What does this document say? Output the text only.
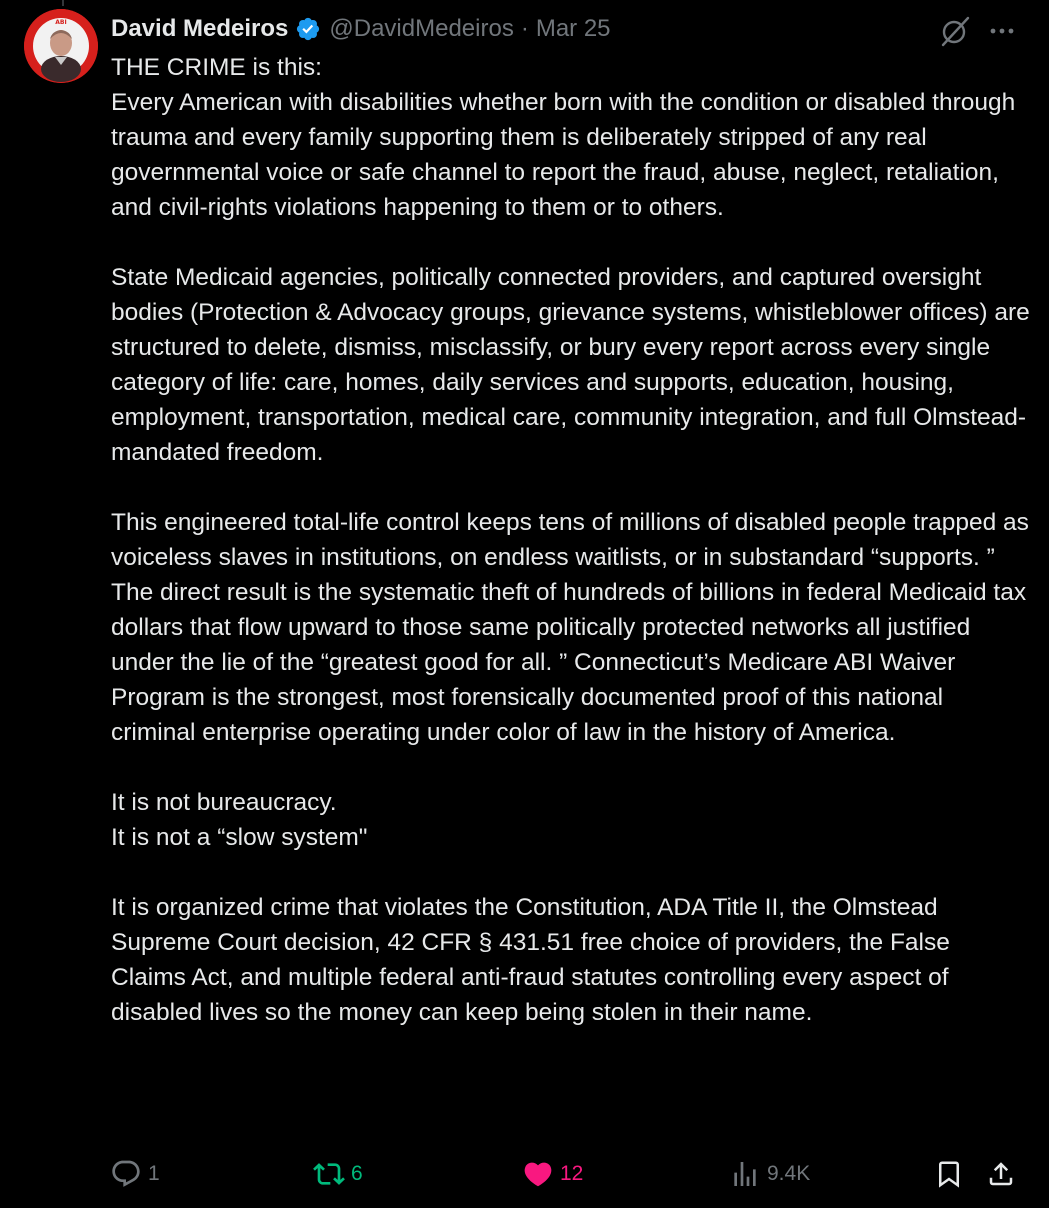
ABI David Medeiros @DavidMedeiros · Mar 25

THE CRIME is this:
Every American with disabilities whether born with the condition or disabled through trauma and every family supporting them is deliberately stripped of any real governmental voice or safe channel to report the fraud, abuse, neglect, retaliation, and civil-rights violations happening to them or to others.

State Medicaid agencies, politically connected providers, and captured oversight bodies (Protection & Advocacy groups, grievance systems, whistleblower offices) are structured to delete, dismiss, misclassify, or bury every report across every single category of life: care, homes, daily services and supports, education, housing, employment, transportation, medical care, community integration, and full Olmstead-mandated freedom.

This engineered total-life control keeps tens of millions of disabled people trapped as voiceless slaves in institutions, on endless waitlists, or in substandard “supports. ” The direct result is the systematic theft of hundreds of billions in federal Medicaid tax dollars that flow upward to those same politically protected networks all justified under the lie of the “greatest good for all. ” Connecticut’s Medicare ABI Waiver Program is the strongest, most forensically documented proof of this national criminal enterprise operating under color of law in the history of America.

It is not bureaucracy.
It is not a “slow system"

It is organized crime that violates the Constitution, ADA Title II, the Olmstead Supreme Court decision, 42 CFR § 431.51 free choice of providers, the False Claims Act, and multiple federal anti-fraud statutes controlling every aspect of disabled lives so the money can keep being stolen in their name.

1	6	12	9.4K
